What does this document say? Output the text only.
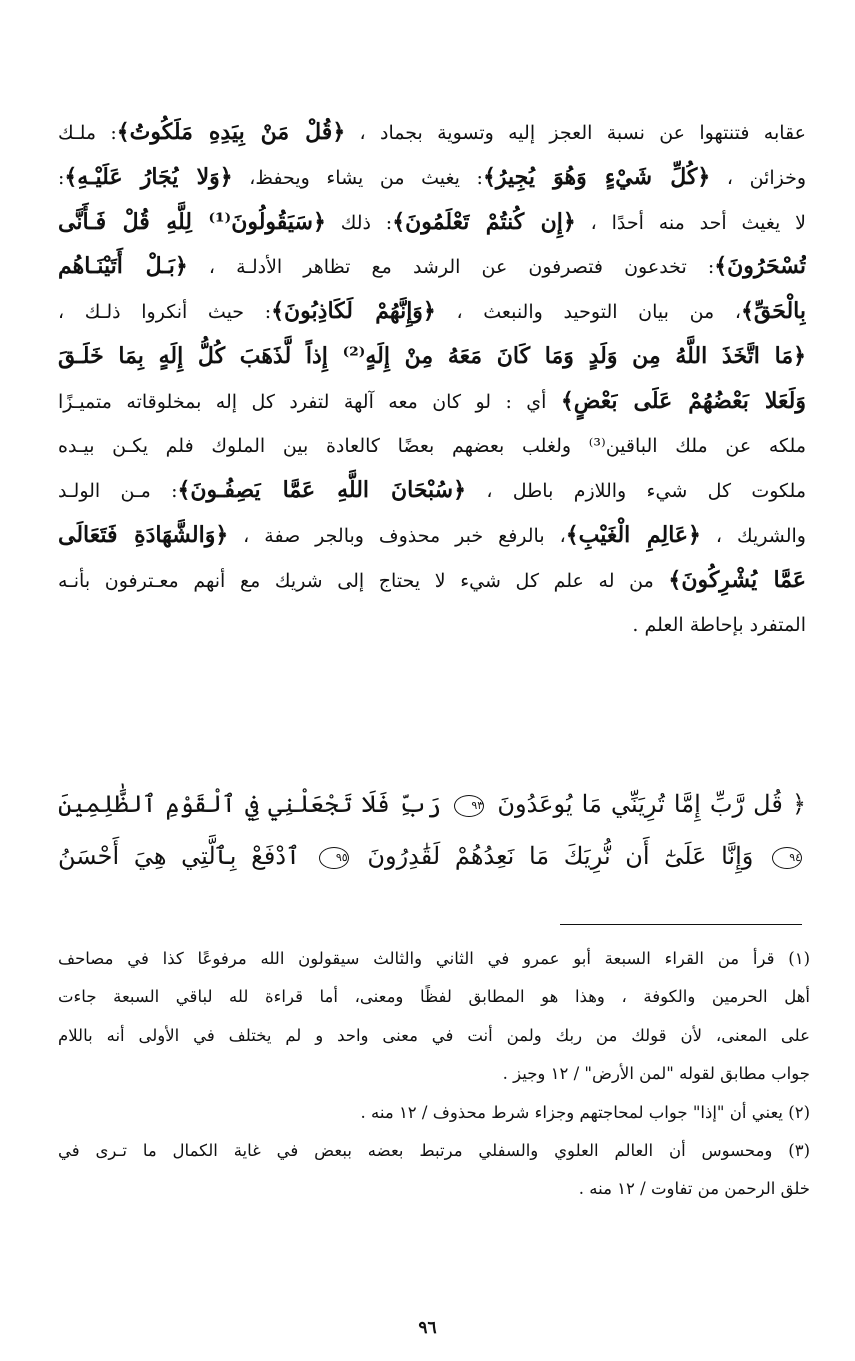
عقابه فتنتهوا عن نسبة العجز إليه وتسوية بجماد ، ﴿قُلْ مَنْ بِيَدِهِ مَلَكُوتُ﴾: ملـك
وخزائن ، ﴿كُلِّ شَيْءٍ وَهُوَ يُجِيرُ﴾: يغيث من يشاء ويحفظ، ﴿وَلا يُجَارُ عَلَيْـهِ﴾:
لا يغيث أحد منه أحدًا ، ﴿إِن كُنتُمْ تَعْلَمُونَ﴾: ذلك ﴿سَيَقُولُونَ⁽¹⁾ لِلَّهِ قُلْ فَـأَنَّى
تُسْحَرُونَ﴾: تخدعون فتصرفون عن الرشد مع تظاهر الأدلـة ، ﴿بَـلْ أَتَيْنَـاهُم
بِالْحَقِّ﴾، من بيان التوحيد والنبعث ، ﴿وَإِنَّهُمْ لَكَاذِبُونَ﴾: حيث أنكروا ذلـك ،
﴿مَا اتَّخَذَ اللَّهُ مِن وَلَدٍ وَمَا كَانَ مَعَهُ مِنْ إِلَهٍ⁽²⁾ إِذاً لَّذَهَبَ كُلُّ إِلَهٍ بِمَا خَلَـقَ
وَلَعَلا بَعْضُهُمْ عَلَى بَعْضٍ﴾ أي : لو كان معه آلهة لتفرد كل إله بمخلوقاته متميـزًا
ملكه عن ملك الباقين⁽³⁾ ولغلب بعضهم بعضًا كالعادة بين الملوك فلم يكـن بيـده
ملكوت كل شيء واللازم باطل ، ﴿سُبْحَانَ اللَّهِ عَمَّا يَصِفُـونَ﴾: مـن الولـد
والشريك ، ﴿عَالِمِ الْغَيْبِ﴾، بالرفع خبر محذوف وبالجر صفة ، ﴿وَالشَّهَادَةِ فَتَعَالَى
عَمَّا يُشْرِكُونَ﴾ من له علم كل شيء لا يحتاج إلى شريك مع أنهم معـترفون بأنـه
المتفرد بإحاطة العلم .
﴿ قُل رَّبِّ إِمَّا تُرِيَنِّي مَا يُوعَدُونَ ٩٣ رَبِّ فَلَا تَجْعَلْنِي فِي ٱلْقَوْمِ ٱلظَّٰلِمِينَ
٩٤ وَإِنَّا عَلَىٰٓ أَن نُّرِيَكَ مَا نَعِدُهُمْ لَقَٰدِرُونَ ٩٥ ٱدْفَعْ بِٱلَّتِي هِيَ أَحْسَنُ
(١) قرأ من القراء السبعة أبو عمرو في الثاني والثالث سيقولون الله مرفوعًا كذا في مصاحف
أهل الحرمين والكوفة ، وهذا هو المطابق لفظًا ومعنى، أما قراءة لله لباقي السبعة جاءت
على المعنى، لأن قولك من ربك ولمن أنت في معنى واحد و لم يختلف في الأولى أنه باللام
جواب مطابق لقوله "لمن الأرض" / ١٢ وجيز .
(٢) يعني أن "إذا" جواب لمحاجتهم وجزاء شرط محذوف / ١٢ منه .
(٣) ومحسوس أن العالم العلوي والسفلي مرتبط بعضه ببعض في غاية الكمال ما تـرى في
خلق الرحمن من تفاوت / ١٢ منه .
٩٦
